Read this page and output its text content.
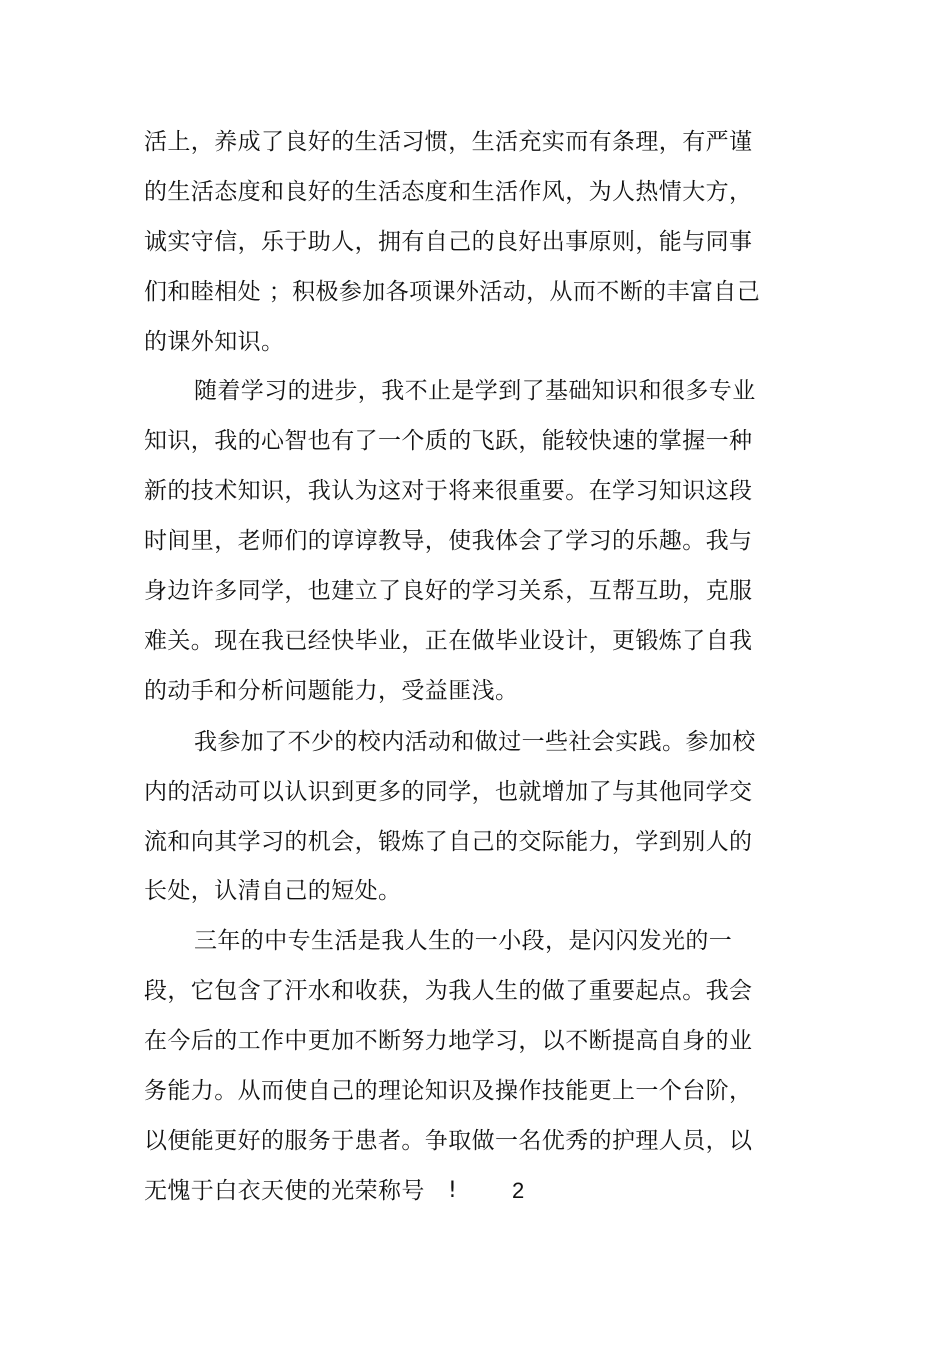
活上，养成了良好的生活习惯，生活充实而有条理，有严谨
的生活态度和良好的生活态度和生活作风，为人热情大方，
诚实守信，乐于助人，拥有自己的良好出事原则，能与同事
们和睦相处 ；积极参加各项课外活动，从而不断的丰富自己
的课外知识。
随着学习的进步，我不止是学到了基础知识和很多专业
知识，我的心智也有了一个质的飞跃，能较快速的掌握一种
新的技术知识，我认为这对于将来很重要。在学习知识这段
时间里，老师们的谆谆教导，使我体会了学习的乐趣。我与
身边许多同学，也建立了良好的学习关系，互帮互助，克服
难关。现在我已经快毕业，正在做毕业设计，更锻炼了自我
的动手和分析问题能力，受益匪浅。
我参加了不少的校内活动和做过一些社会实践。参加校
内的活动可以认识到更多的同学，也就增加了与其他同学交
流和向其学习的机会，锻炼了自己的交际能力，学到别人的
长处，认清自己的短处。
三年的中专生活是我人生的一小段，是闪闪发光的一
段，它包含了汗水和收获，为我人生的做了重要起点。我会
在今后的工作中更加不断努力地学习，以不断提高自身的业
务能力。从而使自己的理论知识及操作技能更上一个台阶，
以便能更好的服务于患者。争取做一名优秀的护理人员，以
无愧于白衣天使的光荣称号 !	2
